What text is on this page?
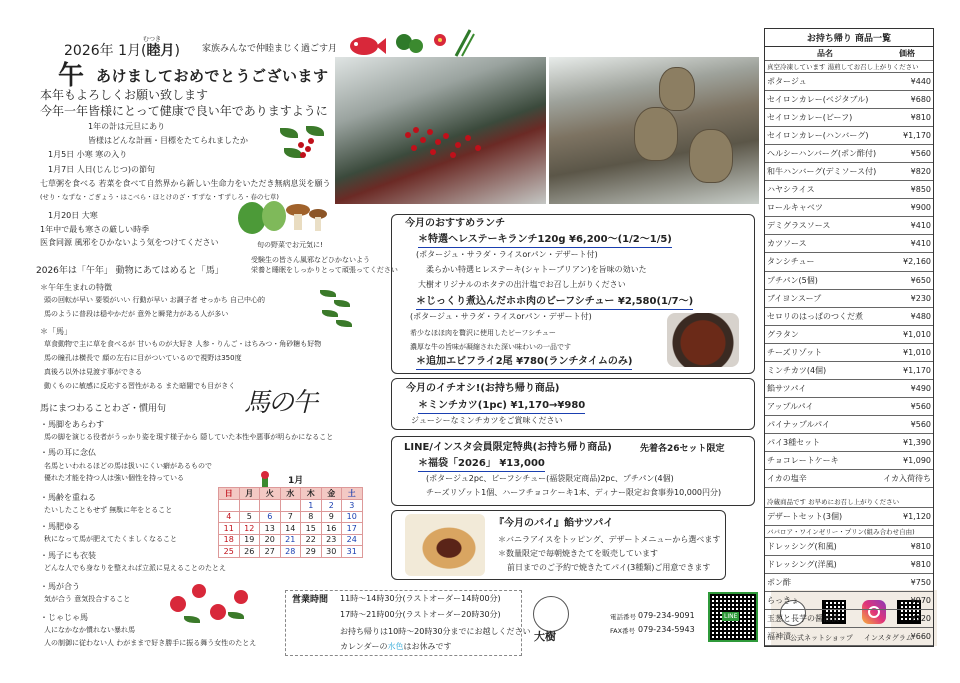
2026年 1月(睦月)
むつき
家族みんなで仲睦まじく過ごす月
午 あけましておめでとうございます
本年もよろしくお願い致します
今年一年皆様にとって健康で良い年でありますように
1年の計は元旦にあり
皆様はどんな計画・目標をたてられましたか
1月5日 小寒 寒の入り
1月7日 人日(じんじつ)の節句
七草粥を食べる 若菜を食べて自然界から新しい生命力をいただき無病息災を願う
(せり・なずな・ごぎょう・はこべら・ほとけのざ・すずな・すずしろ・春の七草)
1月20日 大寒
1年中で最も寒さの厳しい時季
医食同源 風邪をひかないよう気をつけてください	旬の野菜でお元気に!
受験生の皆さん風邪などひかないよう
栄養と睡眠をしっかりとって頑張ってください
2026年は「午年」 動物にあてはめると「馬」
＊午年生まれの特徴
頭の回転が早い 要領がいい 行動が早い お調子者 せっかち 自己中心的
馬のように普段は穏やかだが 意外と瞬発力がある人が多い
＊「馬」
草食動物で主に草を食べるが 甘いものが大好き 人参・りんご・はちみつ・角砂糖も好物
馬の瞳孔は横長で 顔の左右に目がついているので視野は350度
真後ろ以外は見渡す事ができる
動くものに敏感に反応する習性がある また暗闇でも目がきく
馬の午
馬にまつわることわざ・慣用句
・馬脚をあらわす
馬の脚を演じる役者がうっかり姿を現す様子から 隠していた本性や悪事が明らかになること
・馬の耳に念仏
名馬といわれるほどの馬は扱いにくい癖があるもので
優れた才能を持つ人は強い個性を持っている
・馬齢を重ねる
たいしたこともせず 無駄に年をとること
・馬肥ゆる
秋になって馬が肥えてたくましくなること
・馬子にも衣装
どんな人でも身なりを整えれば立派に見えることのたとえ
・馬が合う
気が合う 意気投合すること
・じゃじゃ馬
人になかなか慣れない暴れ馬
人の制御に従わない人 わがままで好き勝手に振る舞う女性のたとえ
1月
日	月	火	水	木	金	土
				1	2	3
4	5	6	7	8	9	10
11	12	13	14	15	16	17
18	19	20	21	22	23	24
25	26	27	28	29	30	31
今月のおすすめランチ
＊特選ヘレステーキランチ120g ¥6,200〜(1/2〜1/5)
(ポタージュ・サラダ・ライスorパン・デザート付)
柔らかい特選ヒレステーキ(シャトーブリアン)を旨味の効いた
大樹オリジナルのホタテの出汁塩でお召し上がりください
＊じっくり煮込んだホホ肉のビーフシチュー ¥2,580(1/7〜)
(ポタージュ・サラダ・ライスorパン・デザート付)
希少なほほ肉を贅沢に使用したビーフシチュー
濃厚な牛の旨味が凝縮された深い味わいの一品です
＊追加エビフライ2尾 ¥780(ランチタイムのみ)
今月のイチオシ!(お持ち帰り商品)
＊ミンチカツ(1pc) ¥1,170→¥980
ジューシーなミンチカツをご賞味ください
LINE/インスタ会員限定特典(お持ち帰り商品)	先着各26セット限定
＊福袋「2026」 ¥13,000
(ポタージュ2pc、ビーフシチュー(福袋限定商品)2pc、プチパン(4個)
チーズリゾット1個、ハーフチョコケーキ1本、ディナー限定お食事券10,000円分)
『今月のパイ』餡サツパイ
＊バニラアイスをトッピング、デザートメニューから選べます
＊数量限定で毎朝焼きたてを販売しています
前日までのご予約で焼きたてパイ(3種類)ご用意できます
営業時間 11時〜14時30分(ラストオーダー14時00分)
17時〜21時00分(ラストオーダー20時30分)
お持ち帰りは10時〜20時30分までにお越しください
カレンダーの水色はお休みです
大樹
電話番号 079-234-9091
FAX番号 079-234-5943
LINE
公式ネットショップ インスタグラム
お持ち帰り 商品一覧
品名	価格
真空冷凍しています 湯煎してお召し上がりください
ポタージュ	¥440
セイロンカレー(ベジタブル)	¥680
セイロンカレー(ビーフ)	¥810
セイロンカレー(ハンバーグ)	¥1,170
ヘルシーハンバーグ(ポン酢付)	¥560
和牛ハンバーグ(デミソース付)	¥820
ハヤシライス	¥850
ロールキャベツ	¥900
デミグラスソース	¥410
カツソース	¥410
タンシチュー	¥2,160
プチパン(5個)	¥650
ブイヨンスープ	¥230
セロリのはっぱのつくだ煮	¥480
グラタン	¥1,010
チーズリゾット	¥1,010
ミンチカツ(4個)	¥1,170
餡サツパイ	¥490
アップルパイ	¥560
パイナップルパイ	¥560
パイ3種セット	¥1,390
チョコレートケーキ	¥1,090
イカの塩辛	イカ入荷待ち
冷蔵商品です お早めにお召し上がりください
デザートセット(3個)	¥1,120
ババロア・ワインゼリー・プリン(組み合わせ自由)
ドレッシング(和風)	¥810
ドレッシング(洋風)	¥810
ポン酢	¥750
らっきょ	¥970
玉葱と長芋の醤油漬	¥720
福神漬	¥660
